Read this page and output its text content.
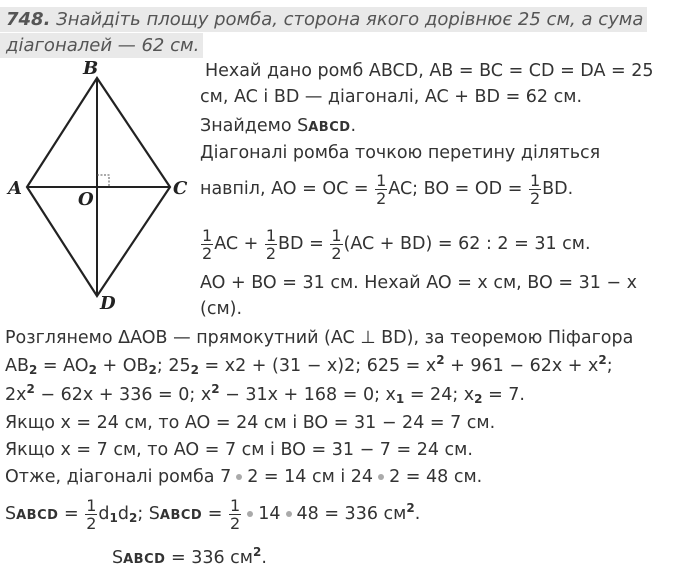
748. Знайдіть площу ромба, сторона якого дорівнює 25 см, а сума
діагоналей — 62 см.
B
A	C
O
D
Нехай дано ромб ABCD, AB = BC = CD = DA = 25
см, AC і BD — діагоналі, AC + BD = 62 см.
Знайдемо SABCD.
Діагоналі ромба точкою перетину діляться
навпіл, AO = OC = $\frac{1}{2}$ AC; BO = OD = $\frac{1}{2}$ BD.
$\frac{1}{2}$ AC + $\frac{1}{2}$ BD = $\frac{1}{2} (AC + BD) = 62$ : 2 = 31 см.
AO + BO = 31 см. Нехай AO = x см, BO = 31 − x
(см).
Розглянемо ΔAOB — прямокутний (AC ⊥ BD), за теоремою Піфагора
AB2 = AO2 + OB2; 252 = x2 + (31 − x)2; $625 = x^2 + 961 - 62x + x^2$;
$2x^2 - 62x + 336 = 0$; $x^2 - 31x + 168 = 0$; x1 = 24; x2 = 7.
Якщо x = 24 см, то AO = 24 см і BO = 31 − 24 = 7 см.
Якщо x = 7 см, то AO = 7 см і BO = 31 − 7 = 24 см.
Отже, діагоналі ромба 7 2 = 14 см і 24 2 = 48 см.
SABCD = $\frac{1}{2} d1d2$; SABCD = $\frac{1}{2} 14$ 48 = 336 $см^2$.
SABCD = 336 $см^2$.
